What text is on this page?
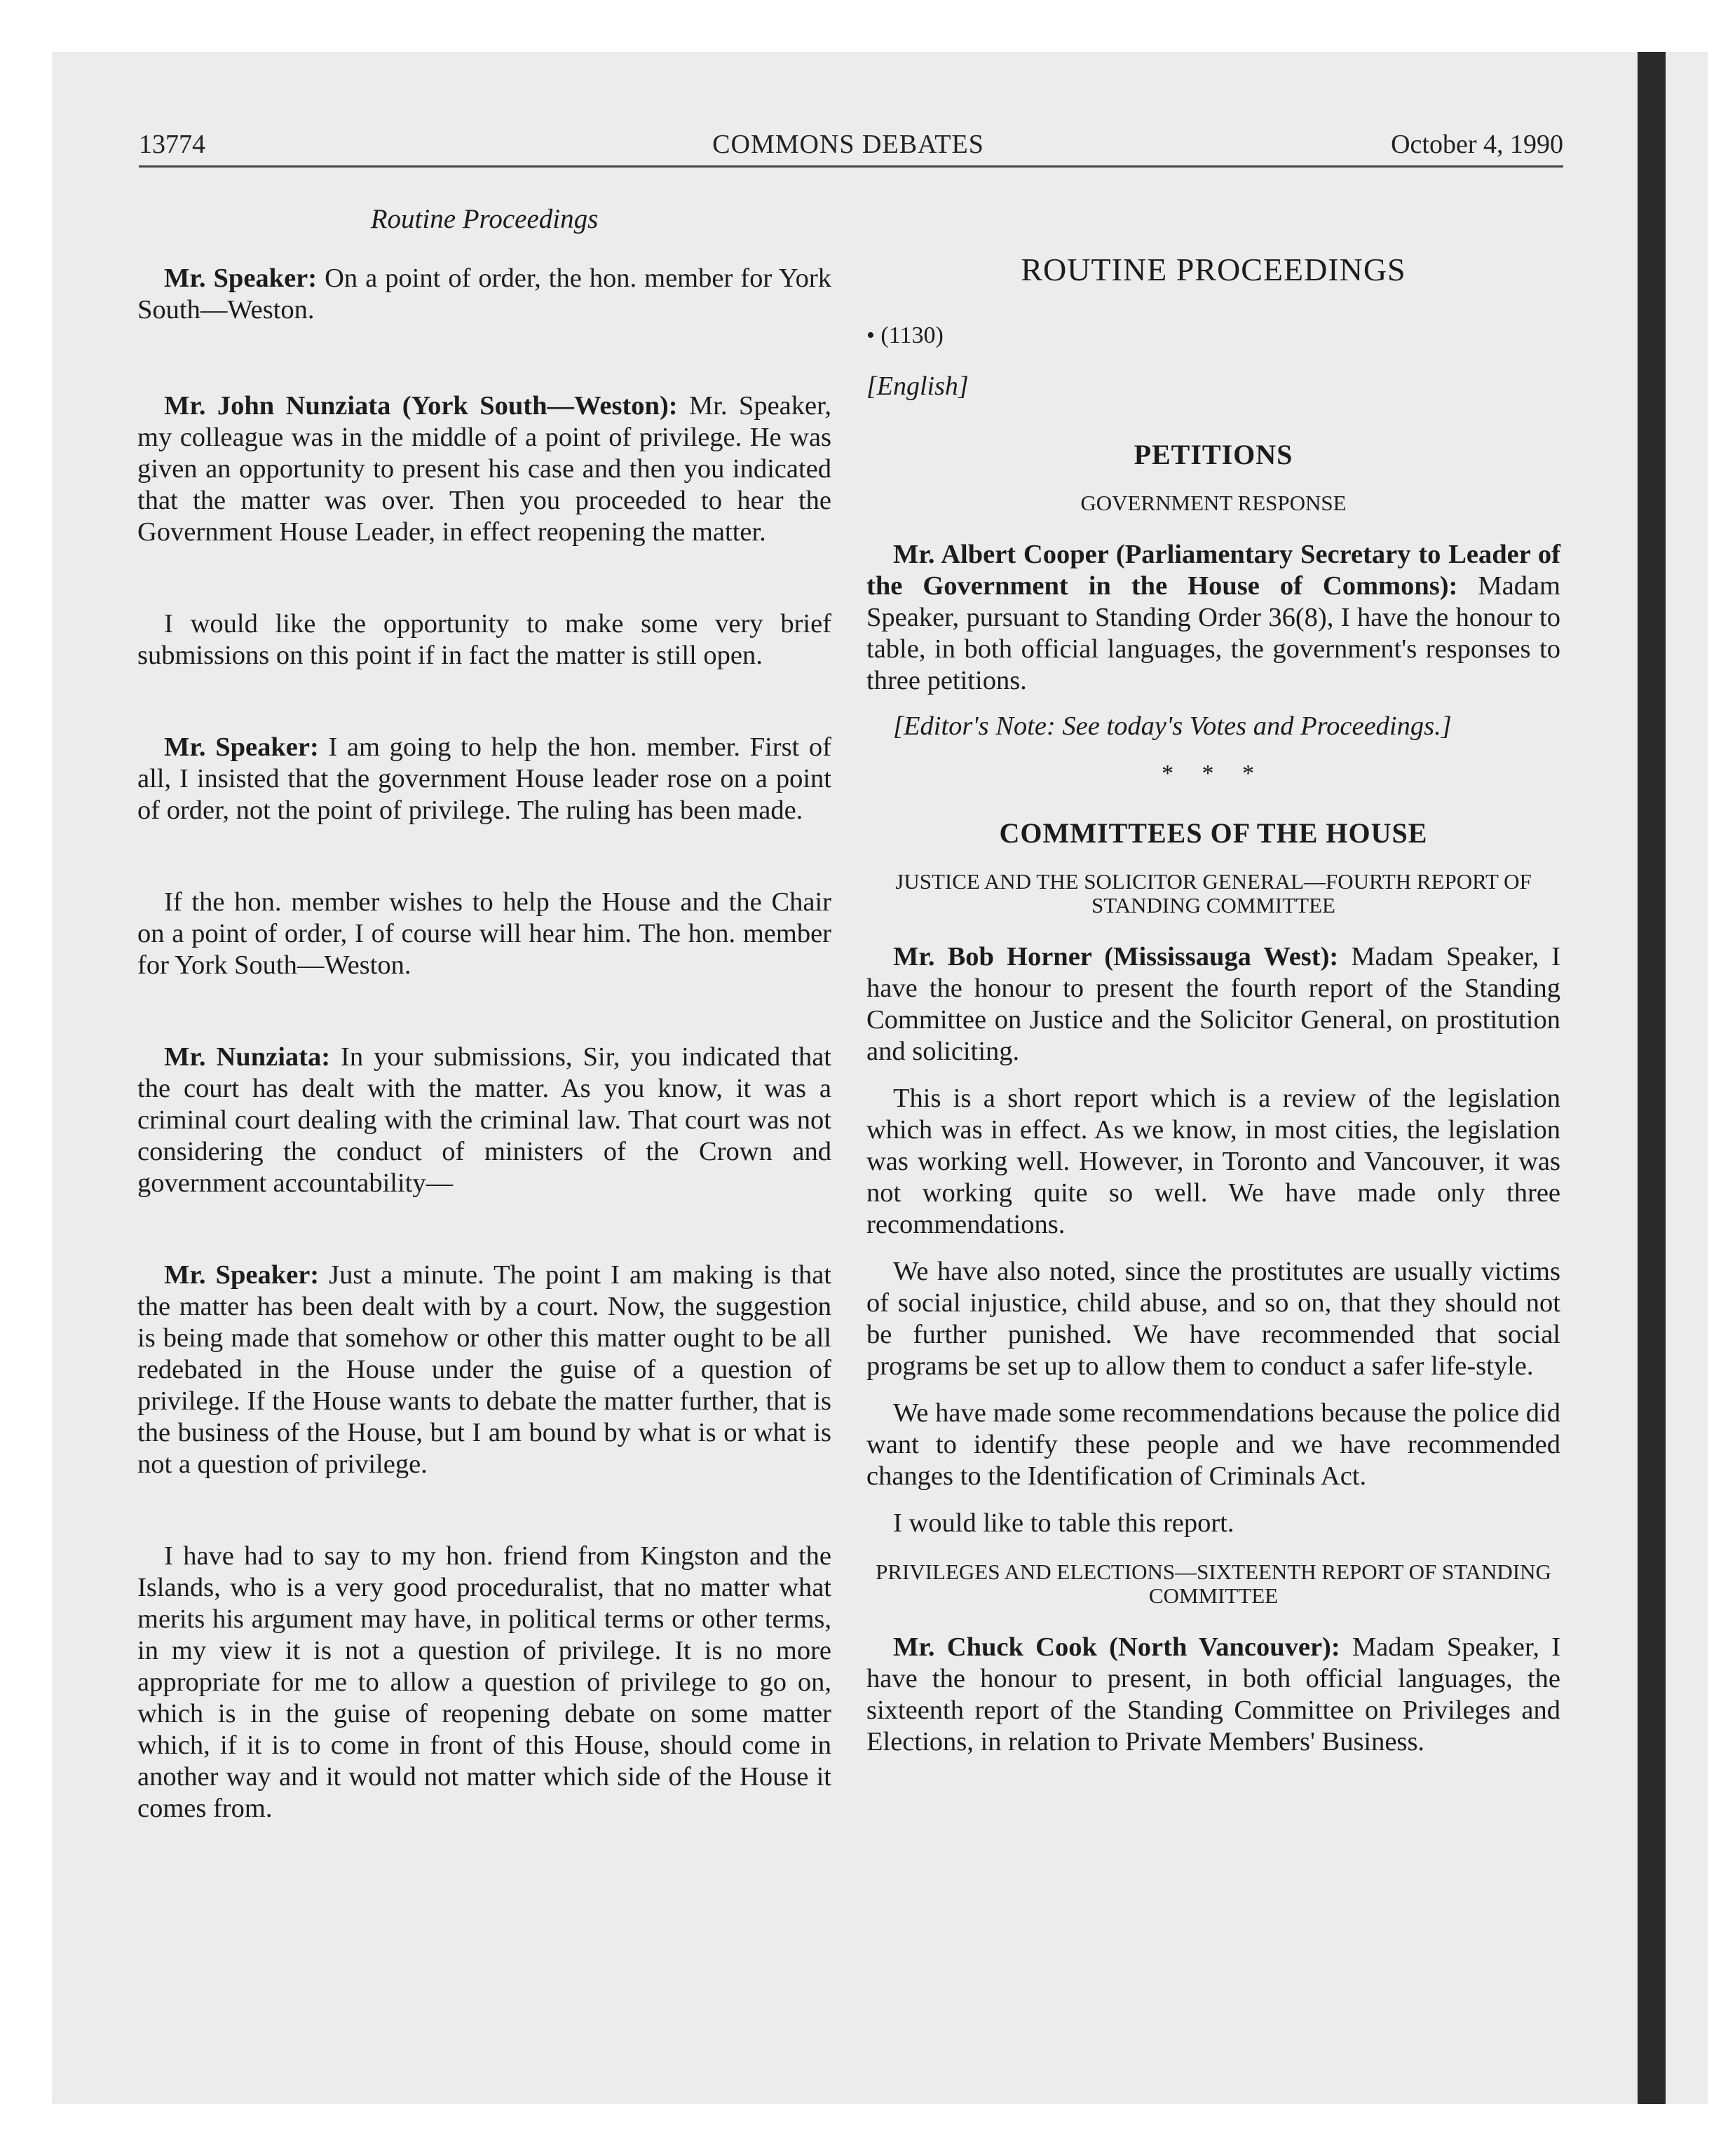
13774	COMMONS DEBATES	October 4, 1990
Routine Proceedings

Mr. Speaker: On a point of order, the hon. member for York South—Weston.

Mr. John Nunziata (York South—Weston): Mr. Speaker, my colleague was in the middle of a point of privilege. He was given an opportunity to present his case and then you indicated that the matter was over. Then you proceeded to hear the Government House Leader, in effect reopening the matter.

I would like the opportunity to make some very brief submissions on this point if in fact the matter is still open.

Mr. Speaker: I am going to help the hon. member. First of all, I insisted that the government House leader rose on a point of order, not the point of privilege. The ruling has been made.

If the hon. member wishes to help the House and the Chair on a point of order, I of course will hear him. The hon. member for York South—Weston.

Mr. Nunziata: In your submissions, Sir, you indicated that the court has dealt with the matter. As you know, it was a criminal court dealing with the criminal law. That court was not considering the conduct of ministers of the Crown and government accountability—

Mr. Speaker: Just a minute. The point I am making is that the matter has been dealt with by a court. Now, the suggestion is being made that somehow or other this matter ought to be all redebated in the House under the guise of a question of privilege. If the House wants to debate the matter further, that is the business of the House, but I am bound by what is or what is not a question of privilege.

I have had to say to my hon. friend from Kingston and the Islands, who is a very good proceduralist, that no matter what merits his argument may have, in political terms or other terms, in my view it is not a question of privilege. It is no more appropriate for me to allow a question of privilege to go on, which is in the guise of reopening debate on some matter which, if it is to come in front of this House, should come in another way and it would not matter which side of the House it comes from.

ROUTINE PROCEEDINGS
• (1130)
[English]
PETITIONS
GOVERNMENT RESPONSE

Mr. Albert Cooper (Parliamentary Secretary to Leader of the Government in the House of Commons): Madam Speaker, pursuant to Standing Order 36(8), I have the honour to table, in both official languages, the government's responses to three petitions.

[Editor's Note: See today's Votes and Proceedings.]

* * *
COMMITTEES OF THE HOUSE
JUSTICE AND THE SOLICITOR GENERAL—FOURTH REPORT OF STANDING COMMITTEE

Mr. Bob Horner (Mississauga West): Madam Speaker, I have the honour to present the fourth report of the Standing Committee on Justice and the Solicitor General, on prostitution and soliciting.

This is a short report which is a review of the legislation which was in effect. As we know, in most cities, the legislation was working well. However, in Toronto and Vancouver, it was not working quite so well. We have made only three recommendations.

We have also noted, since the prostitutes are usually victims of social injustice, child abuse, and so on, that they should not be further punished. We have recommended that social programs be set up to allow them to conduct a safer life-style.

We have made some recommendations because the police did want to identify these people and we have recommended changes to the Identification of Criminals Act.

I would like to table this report.

PRIVILEGES AND ELECTIONS—SIXTEENTH REPORT OF STANDING COMMITTEE

Mr. Chuck Cook (North Vancouver): Madam Speaker, I have the honour to present, in both official languages, the sixteenth report of the Standing Committee on Privileges and Elections, in relation to Private Members' Business.
